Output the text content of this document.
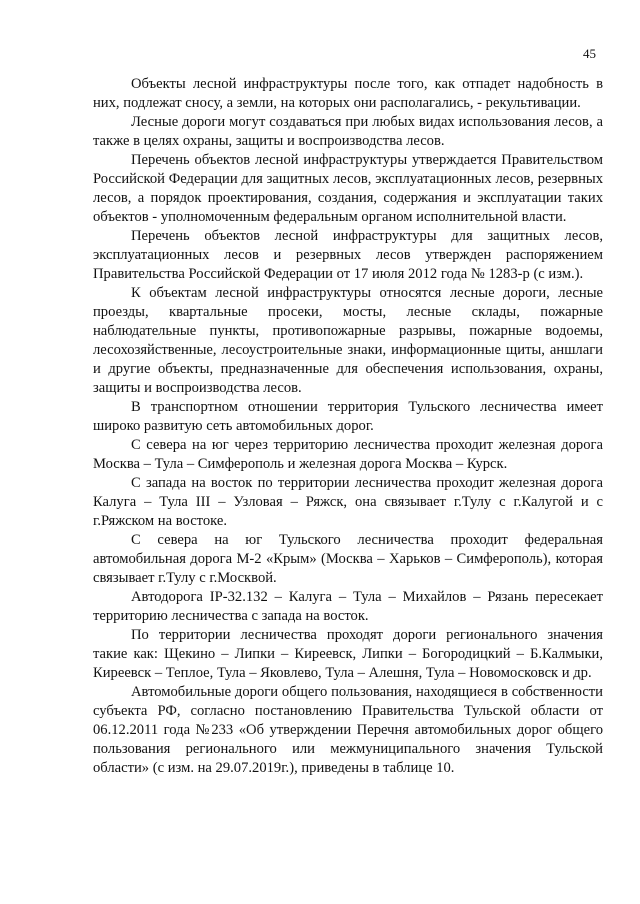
45

Объекты лесной инфраструктуры после того, как отпадет надобность в них, подлежат сносу, а земли, на которых они располагались, - рекультивации.

Лесные дороги могут создаваться при любых видах использования лесов, а также в целях охраны, защиты и воспроизводства лесов.

Перечень объектов лесной инфраструктуры утверждается Правительством Российской Федерации для защитных лесов, эксплуатационных лесов, резервных лесов, а порядок проектирования, создания, содержания и эксплуатации таких объектов - уполномоченным федеральным органом исполнительной власти.

Перечень объектов лесной инфраструктуры для защитных лесов, эксплуатационных лесов и резервных лесов утвержден распоряжением Правительства Российской Федерации от 17 июля 2012 года № 1283-р (с изм.).

К объектам лесной инфраструктуры относятся лесные дороги, лесные проезды, квартальные просеки, мосты, лесные склады, пожарные наблюдательные пункты, противопожарные разрывы, пожарные водоемы, лесохозяйственные, лесоустроительные знаки, информационные щиты, аншлаги и другие объекты, предназначенные для обеспечения использования, охраны, защиты и воспроизводства лесов.

В транспортном отношении территория Тульского лесничества имеет широко развитую сеть автомобильных дорог.

С севера на юг через территорию лесничества проходит железная дорога Москва – Тула – Симферополь и железная дорога Москва – Курск.

С запада на восток по территории лесничества проходит железная дорога Калуга – Тула III – Узловая – Ряжск, она связывает г.Тулу с г.Калугой и с г.Ряжском на востоке.

С севера на юг Тульского лесничества проходит федеральная автомобильная дорога М-2 «Крым» (Москва – Харьков – Симферополь), которая связывает г.Тулу с г.Москвой.

Автодорога IP-32.132 – Калуга – Тула – Михайлов – Рязань пересекает территорию лесничества с запада на восток.

По территории лесничества проходят дороги регионального значения такие как: Щекино – Липки – Киреевск, Липки – Богородицкий – Б.Калмыки, Киреевск – Теплое, Тула – Яковлево, Тула – Алешня, Тула – Новомосковск и др.

Автомобильные дороги общего пользования, находящиеся в собственности субъекта РФ, согласно постановлению Правительства Тульской области от 06.12.2011 года №233 «Об утверждении Перечня автомобильных дорог общего пользования регионального или межмуниципального значения Тульской области» (с изм. на 29.07.2019г.), приведены в таблице 10.
